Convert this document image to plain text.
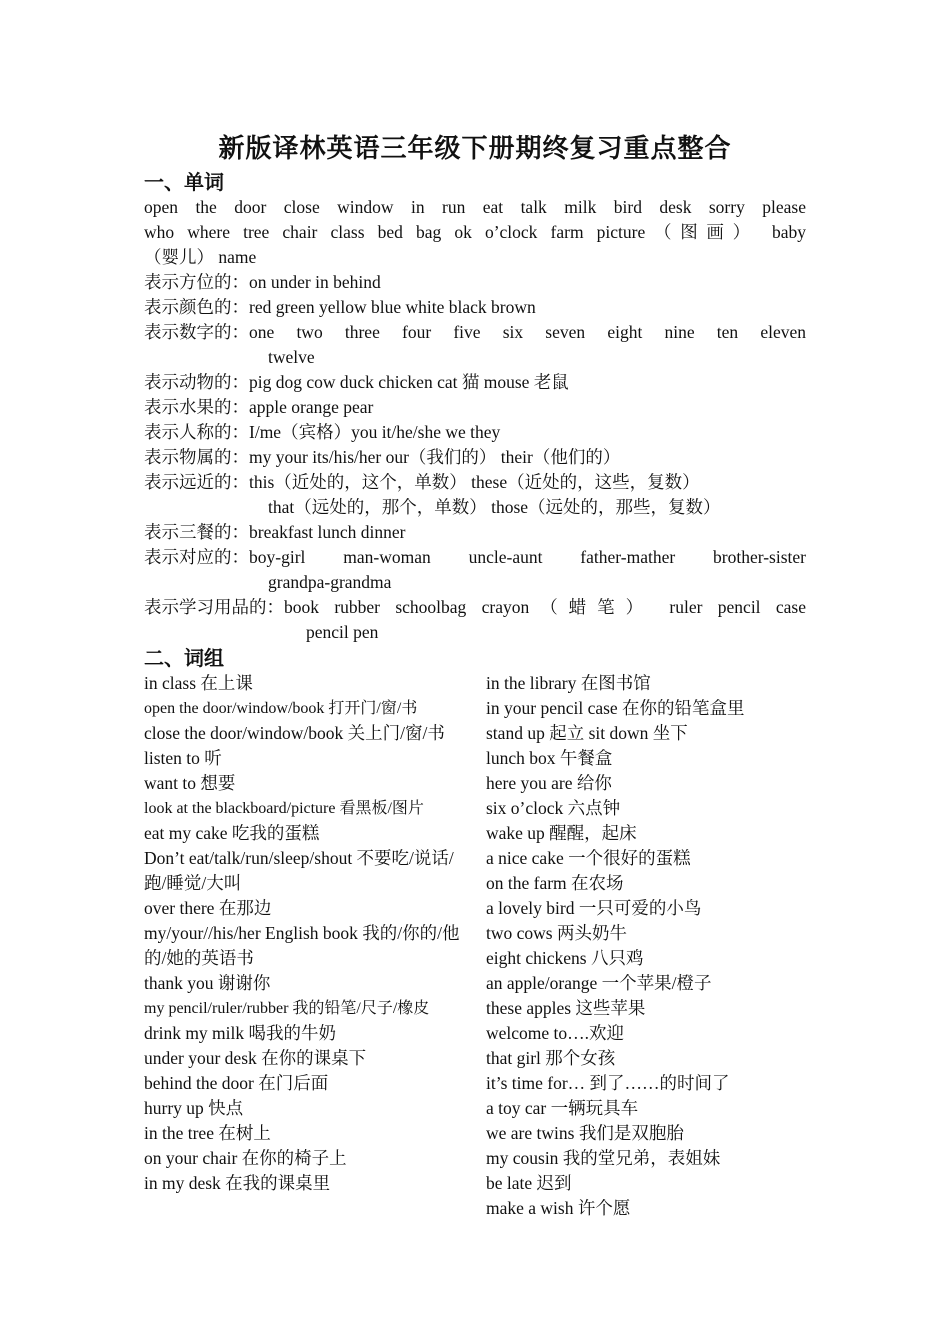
新版译林英语三年级下册期终复习重点整合
一、单词
open the door close window in run eat talk milk bird desk sorry please
who where tree chair class bed bag ok o’clock farm picture（图画） baby
（婴儿） name
表示方位的： on under in behind
表示颜色的： red green yellow blue white black brown
表示数字的： one two three four five six seven eight nine ten eleven
twelve
表示动物的： pig dog cow duck chicken cat 猫 mouse 老鼠
表示水果的： apple orange pear
表示人称的： I/me（宾格）you it/he/she we they
表示物属的： my your its/his/her our（我们的） their（他们的）
表示远近的： this（近处的，这个，单数） these（近处的，这些，复数）
that（远处的，那个，单数） those（远处的，那些，复数）
表示三餐的： breakfast lunch dinner
表示对应的： boy-girl man-woman uncle-aunt father-mather brother-sister
grandpa-grandma
表示学习用品的： book rubber schoolbag crayon（蜡笔） ruler pencil case
pencil pen
二、词组
in class 在上课
open the door/window/book 打开门/窗/书
close the door/window/book 关上门/窗/书
listen to 听
want to 想要
look at the blackboard/picture 看黑板/图片
eat my cake 吃我的蛋糕
Don’t eat/talk/run/sleep/shout 不要吃/说话/跑/睡觉/大叫
over there 在那边
my/your//his/her English book 我的/你的/他的/她的英语书
thank you 谢谢你
my pencil/ruler/rubber 我的铅笔/尺子/橡皮
drink my milk 喝我的牛奶
under your desk 在你的课桌下
behind the door 在门后面
hurry up 快点
in the tree 在树上
on your chair 在你的椅子上
in my desk 在我的课桌里
in the library 在图书馆
in your pencil case 在你的铅笔盒里
stand up 起立 sit down 坐下
lunch box 午餐盒
here you are 给你
six o’clock 六点钟
wake up 醒醒，起床
a nice cake 一个很好的蛋糕
on the farm 在农场
a lovely bird 一只可爱的小鸟
two cows 两头奶牛
eight chickens 八只鸡
an apple/orange 一个苹果/橙子
these apples 这些苹果
welcome to….欢迎
that girl 那个女孩
it’s time for… 到了……的时间了
a toy car 一辆玩具车
we are twins 我们是双胞胎
my cousin 我的堂兄弟，表姐妹
be late 迟到
make a wish 许个愿
